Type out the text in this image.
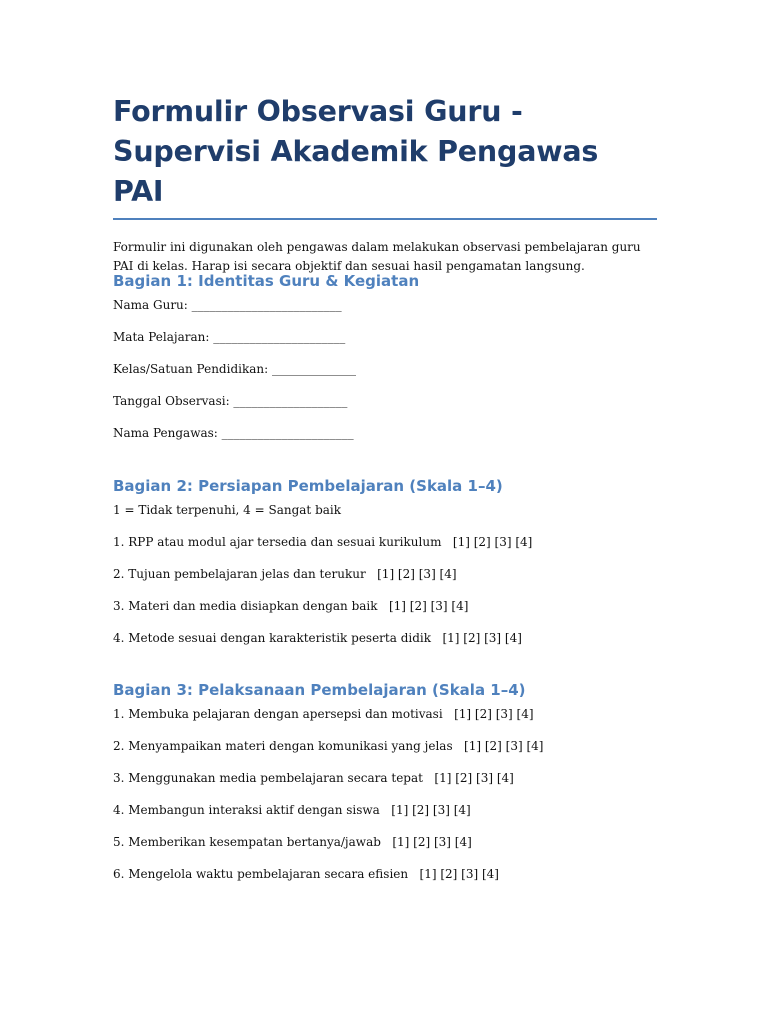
Formulir Observasi Guru - Supervisi Akademik Pengawas PAI

Formulir ini digunakan oleh pengawas dalam melakukan observasi pembelajaran guru PAI di kelas. Harap isi secara objektif dan sesuai hasil pengamatan langsung.

Bagian 1: Identitas Guru & Kegiatan

Nama Guru: _________________________

Mata Pelajaran: ______________________

Kelas/Satuan Pendidikan: ______________

Tanggal Observasi: ___________________

Nama Pengawas: ______________________

Bagian 2: Persiapan Pembelajaran (Skala 1–4)

1 = Tidak terpenuhi, 4 = Sangat baik

1. RPP atau modul ajar tersedia dan sesuai kurikulum   [1] [2] [3] [4]

2. Tujuan pembelajaran jelas dan terukur   [1] [2] [3] [4]

3. Materi dan media disiapkan dengan baik   [1] [2] [3] [4]

4. Metode sesuai dengan karakteristik peserta didik   [1] [2] [3] [4]

Bagian 3: Pelaksanaan Pembelajaran (Skala 1–4)

1. Membuka pelajaran dengan apersepsi dan motivasi   [1] [2] [3] [4]

2. Menyampaikan materi dengan komunikasi yang jelas   [1] [2] [3] [4]

3. Menggunakan media pembelajaran secara tepat   [1] [2] [3] [4]

4. Membangun interaksi aktif dengan siswa   [1] [2] [3] [4]

5. Memberikan kesempatan bertanya/jawab   [1] [2] [3] [4]

6. Mengelola waktu pembelajaran secara efisien   [1] [2] [3] [4]
